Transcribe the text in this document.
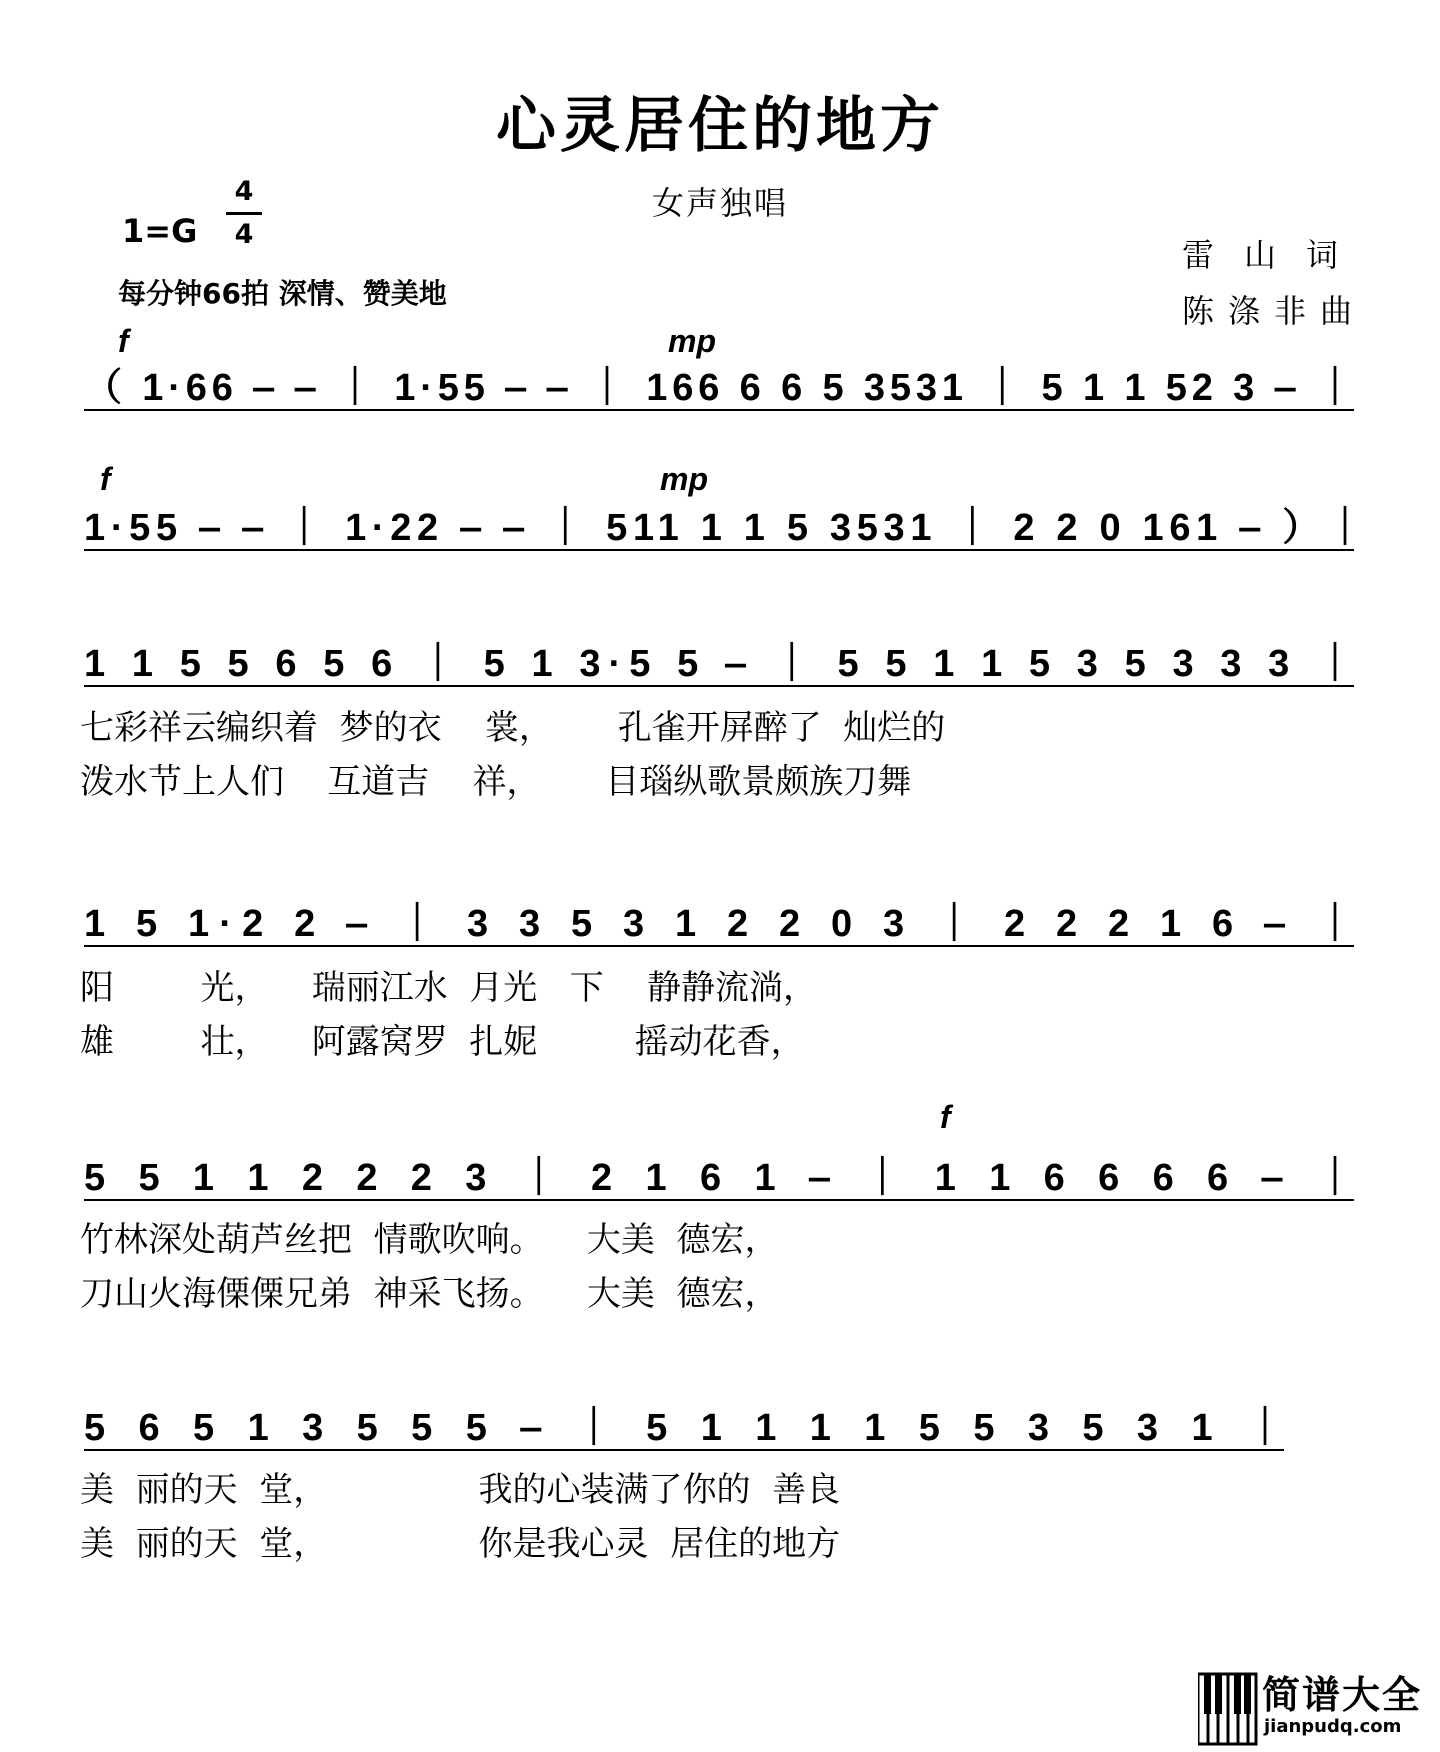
心灵居住的地方
女声独唱
1=G
4
4
每分钟66拍 深情、赞美地
雷山词
陈涤非曲
（ 1·66 ‒ ‒ ｜ 1·55 ‒ ‒ ｜ 166 6 6 5 3531 ｜ 5 1 1 52 3 ‒ ｜
1·55 ‒ ‒ ｜ 1·22 ‒ ‒ ｜ 511 1 1 5 3531 ｜ 2 2 0 161 ‒ ）｜
1 1 5 5 6 5 6 ｜ 5 1 3·5 5 ‒ ｜ 5 5 1 1 5 3 5 3 3 3 ｜
1 5 1·2 2 ‒ ｜ 3 3 5 3 1 2 2 0 3 ｜ 2 2 2 1 6 ‒ ｜
5 5 1 1 2 2 2 3 ｜ 2 1 6 1 ‒ ｜ 1 1 6 6 6 6 ‒ ｜
5 6 5 1 3 5 5 5 ‒ ｜ 5 1 1 1 1 5 5 3 5 3 1 ｜
f	mp
f	mp
f
七彩祥云编织着  梦的衣    裳，      孔雀开屏醉了  灿烂的
泼水节上人们    互道吉    祥，      目瑙纵歌景颇族刀舞
阳        光，    瑞丽江水  月光   下    静静流淌，
雄        壮，    阿露窝罗  扎妮         摇动花香，
竹林深处葫芦丝把  情歌吹响。    大美  德宏，
刀山火海傈傈兄弟  神采飞扬。    大美  德宏，
美  丽的天  堂，              我的心装满了你的  善良
美  丽的天  堂，              你是我心灵  居住的地方
简谱大全
jianpudq.com
